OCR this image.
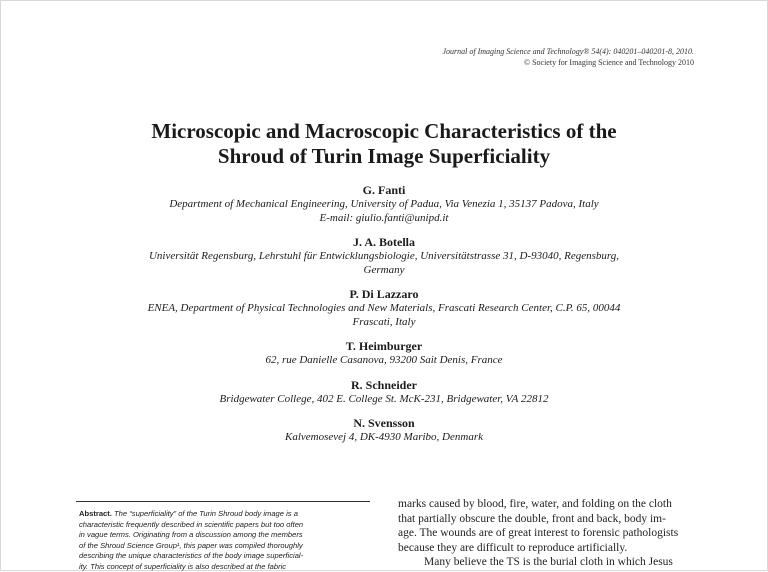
Journal of Imaging Science and Technology® 54(4): 040201–040201-8, 2010.
© Society for Imaging Science and Technology 2010
Microscopic and Macroscopic Characteristics of the
Shroud of Turin Image Superficiality
G. Fanti
Department of Mechanical Engineering, University of Padua, Via Venezia 1, 35137 Padova, Italy
E-mail: giulio.fanti@unipd.it
J. A. Botella
Universität Regensburg, Lehrstuhl für Entwicklungsbiologie, Universitätstrasse 31, D-93040, Regensburg,
Germany
P. Di Lazzaro
ENEA, Department of Physical Technologies and New Materials, Frascati Research Center, C.P. 65, 00044
Frascati, Italy
T. Heimburger
62, rue Danielle Casanova, 93200 Sait Denis, France
R. Schneider
Bridgewater College, 402 E. College St. McK-231, Bridgewater, VA 22812
N. Svensson
Kalvemosevej 4, DK-4930 Maribo, Denmark
Abstract. The “superficiality” of the Turin Shroud body image is a
characteristic frequently described in scientific papers but too often
in vague terms. Originating from a discussion among the members
of the Shroud Science Group¹, this paper was compiled thoroughly
describing the unique characteristics of the body image superficial-
ity. This concept of superficiality is also described at the fabric

marks caused by blood, fire, water, and folding on the cloth

that partially obscure the double, front and back, body im-

age. The wounds are of great interest to forensic pathologists

because they are difficult to reproduce artificially.

Many believe the TS is the burial cloth in which Jesus
